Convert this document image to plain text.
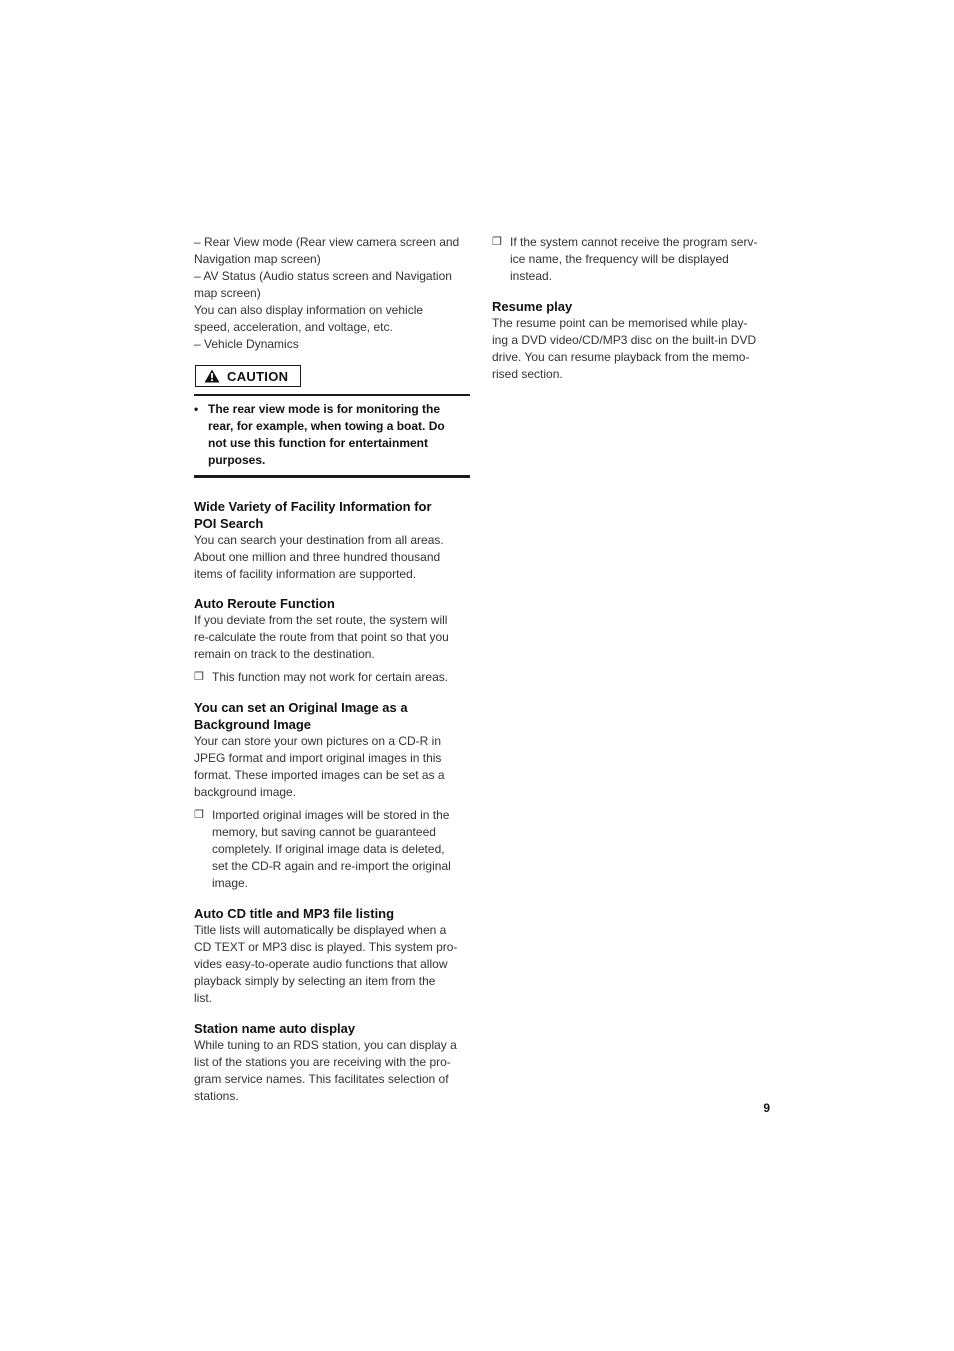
– Rear View mode (Rear view camera screen and

Navigation map screen)

– AV Status (Audio status screen and Navigation

map screen)

You can also display information on vehicle

speed, acceleration, and voltage, etc.

– Vehicle Dynamics

CAUTION
• The rear view mode is for monitoring the
rear, for example, when towing a boat. Do
not use this function for entertainment
purposes.
Wide Variety of Facility Information for
POI Search

You can search your destination from all areas.

About one million and three hundred thousand

items of facility information are supported.

Auto Reroute Function

If you deviate from the set route, the system will

re-calculate the route from that point so that you

remain on track to the destination.

❐ This function may not work for certain areas.
You can set an Original Image as a
Background Image

Your can store your own pictures on a CD-R in

JPEG format and import original images in this

format. These imported images can be set as a

background image.

❐ Imported original images will be stored in the
memory, but saving cannot be guaranteed
completely. If original image data is deleted,
set the CD-R again and re-import the original
image.
Auto CD title and MP3 file listing

Title lists will automatically be displayed when a

CD TEXT or MP3 disc is played. This system pro-

vides easy-to-operate audio functions that allow

playback simply by selecting an item from the

list.

Station name auto display

While tuning to an RDS station, you can display a

list of the stations you are receiving with the pro-

gram service names. This facilitates selection of

stations.

❐ If the system cannot receive the program serv-
ice name, the frequency will be displayed
instead.
Resume play

The resume point can be memorised while play-

ing a DVD video/CD/MP3 disc on the built-in DVD

drive. You can resume playback from the memo-

rised section.

9
